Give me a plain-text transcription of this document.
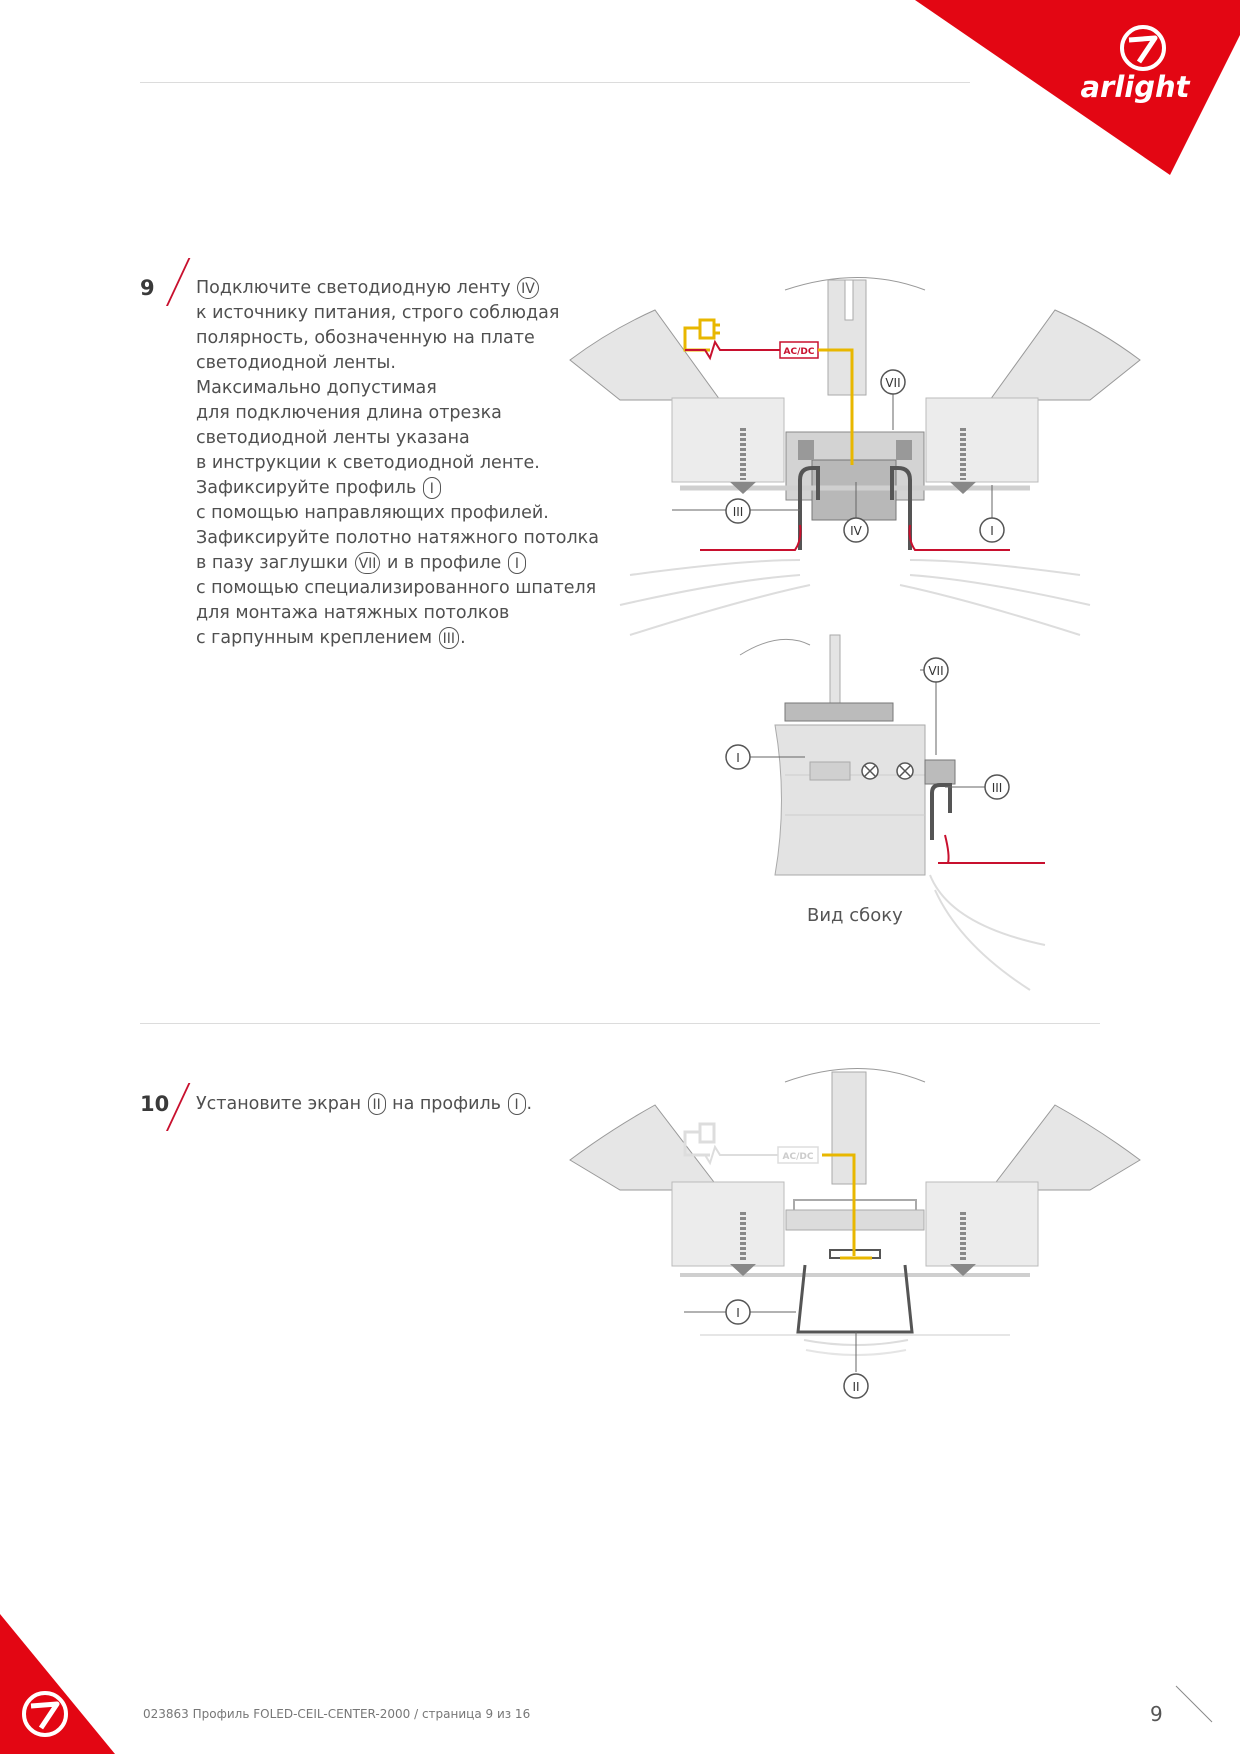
arlight
9 Подключите светодиодную ленту IV
к источнику питания, строго соблюдая
полярность, обозначенную на плате
светодиодной ленты.
Максимально допустимая
для подключения длина отрезка
светодиодной ленты указана
в инструкции к светодиодной ленте.
Зафиксируйте профиль I
с помощью направляющих профилей.
Зафиксируйте полотно натяжного потолка
в пазу заглушки VII и в профиле I
с помощью специализированного шпателя
для монтажа натяжных потолков
с гарпунным креплением III .
AC/DC
VII
III
IV	I
VII
I
III
Вид сбоку
10 Установите экран II на профиль I .
AC/DC
I
II
023863 Профиль FOLED-CEIL-CENTER-2000 / страница 9 из 16	9
